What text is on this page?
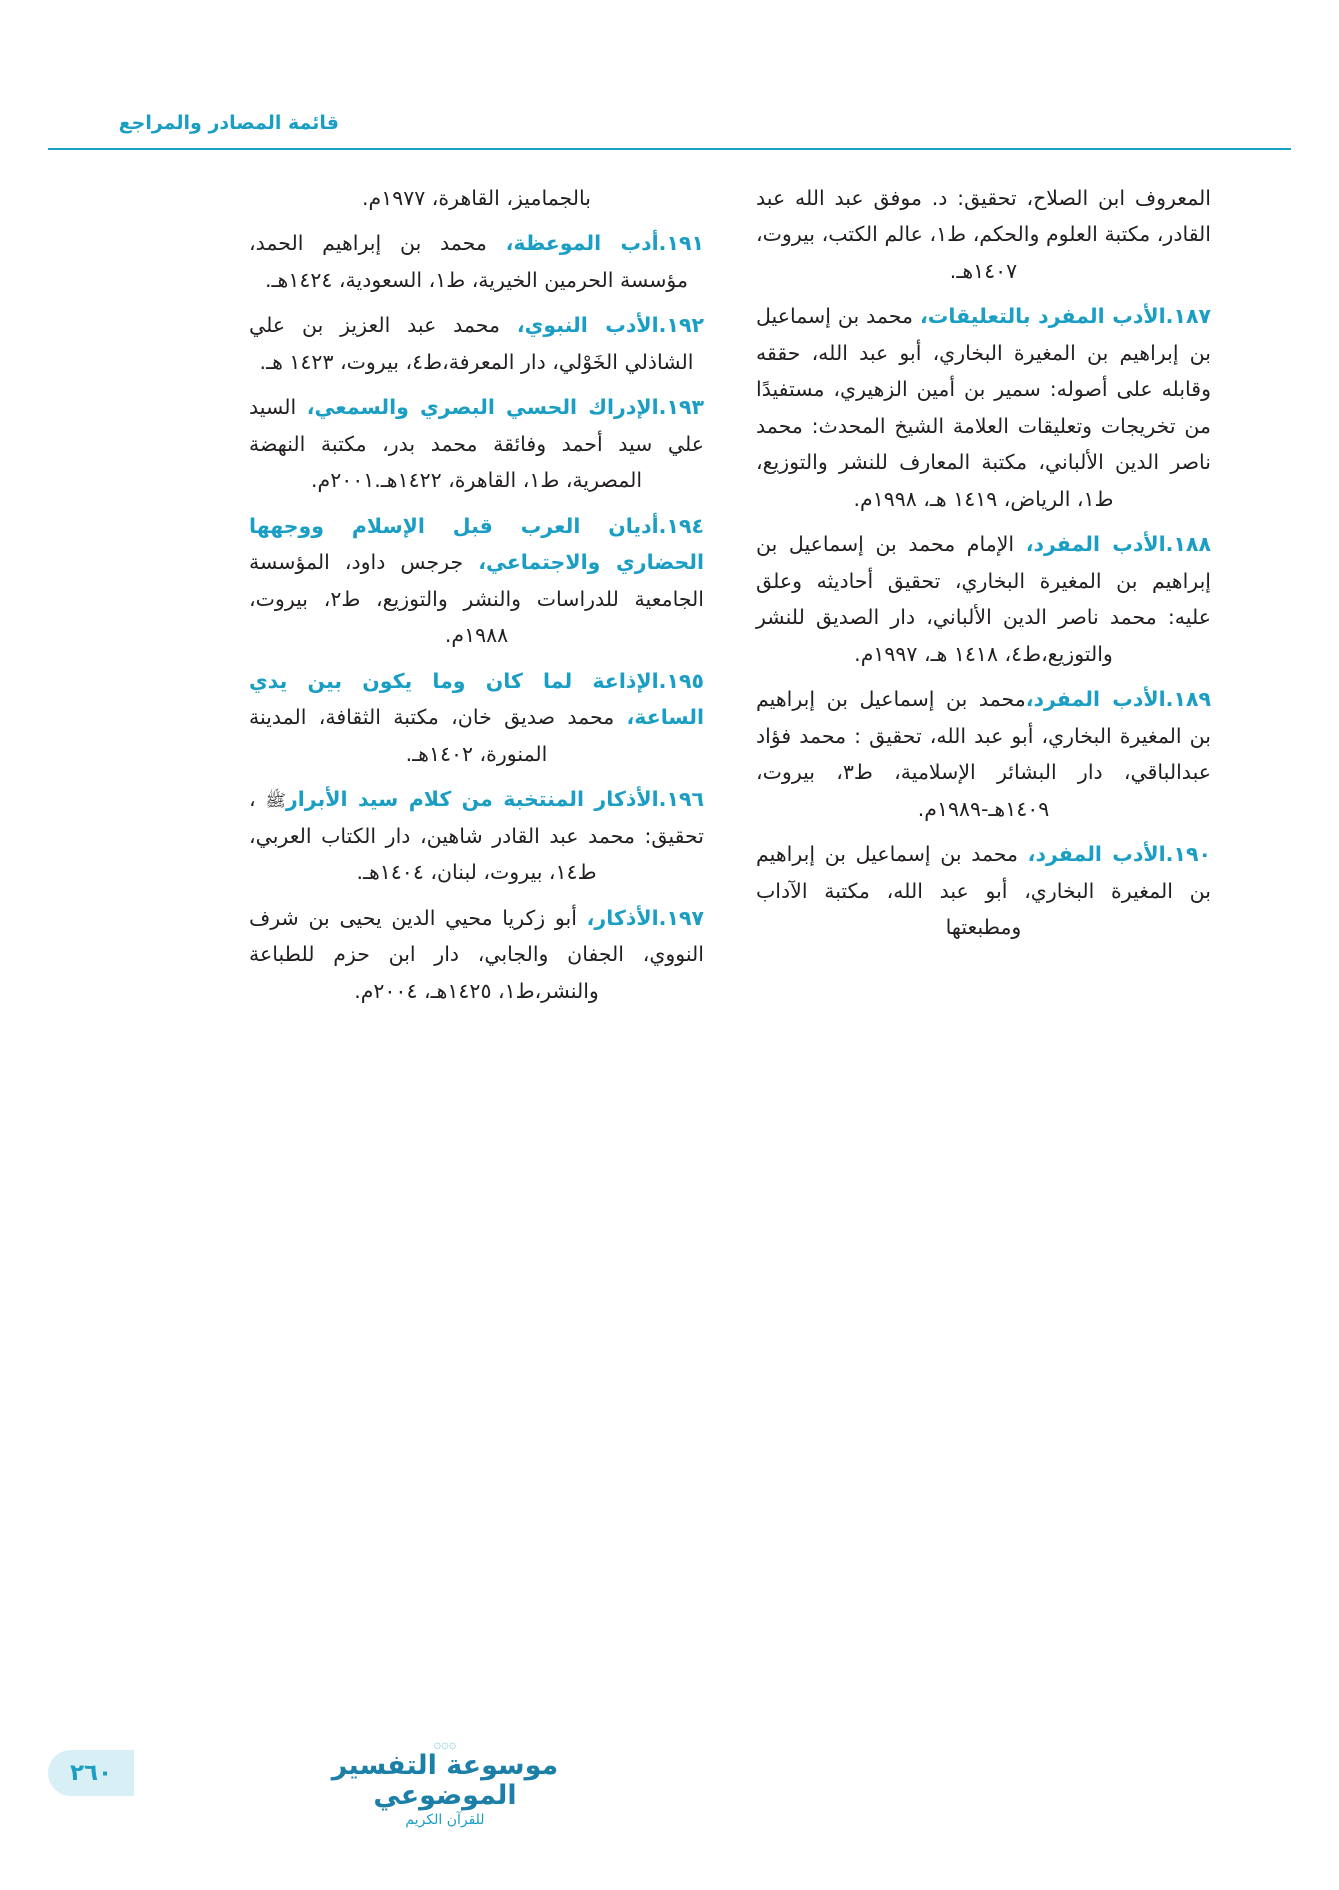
قائمة المصادر والمراجع
المعروف ابن الصلاح، تحقيق: د. موفق عبد الله عبد القادر، مكتبة العلوم والحكم، ط١، عالم الكتب، بيروت، ١٤٠٧هـ.
١٨٧.الأدب المفرد بالتعليقات، محمد بن إسماعيل بن إبراهيم بن المغيرة البخاري، أبو عبد الله، حققه وقابله على أصوله: سمير بن أمين الزهيري، مستفيدًا من تخريجات وتعليقات العلامة الشيخ المحدث: محمد ناصر الدين الألباني، مكتبة المعارف للنشر والتوزيع، ط١، الرياض، ١٤١٩ هـ، ١٩٩٨م.
١٨٨.الأدب المفرد، الإمام محمد بن إسماعيل بن إبراهيم بن المغيرة البخاري، تحقيق أحاديثه وعلق عليه: محمد ناصر الدين الألباني، دار الصديق للنشر والتوزيع،ط٤، ١٤١٨ هـ، ١٩٩٧م.
١٨٩.الأدب المفرد،محمد بن إسماعيل بن إبراهيم بن المغيرة البخاري، أبو عبد الله، تحقيق : محمد فؤاد عبدالباقي، دار البشائر الإسلامية، ط٣، بيروت، ١٤٠٩هـ-١٩٨٩م.
١٩٠.الأدب المفرد، محمد بن إسماعيل بن إبراهيم بن المغيرة البخاري، أبو عبد الله، مكتبة الآداب ومطبعتها
بالجماميز، القاهرة، ١٩٧٧م.
١٩١.أدب الموعظة، محمد بن إبراهيم الحمد، مؤسسة الحرمين الخيرية، ط١، السعودية، ١٤٢٤هـ.
١٩٢.الأدب النبوي، محمد عبد العزيز بن علي الشاذلي الخَوْلي، دار المعرفة،ط٤، بيروت، ١٤٢٣ هـ.
١٩٣.الإدراك الحسي البصري والسمعي، السيد علي سيد أحمد وفائقة محمد بدر، مكتبة النهضة المصرية، ط١، القاهرة، ١٤٢٢هـ.٢٠٠١م.
١٩٤.أديان العرب قبل الإسلام ووجهها الحضاري والاجتماعي، جرجس داود، المؤسسة الجامعية للدراسات والنشر والتوزيع، ط٢، بيروت، ١٩٨٨م.
١٩٥.الإذاعة لما كان وما يكون بين يدي الساعة، محمد صديق خان، مكتبة الثقافة، المدينة المنورة، ١٤٠٢هـ.
١٩٦.الأذكار المنتخبة من كلام سيد الأبرارﷺ ، تحقيق: محمد عبد القادر شاهين، دار الكتاب العربي، ط١٤، بيروت، لبنان، ١٤٠٤هـ.
١٩٧.الأذكار، أبو زكريا محيي الدين يحيى بن شرف النووي، الجفان والجابي، دار ابن حزم للطباعة والنشر،ط١، ١٤٢٥هـ، ٢٠٠٤م.
۞۞۞
موسوعة التفسير الموضوعي
للقرآن الكريم
٢٦٠
